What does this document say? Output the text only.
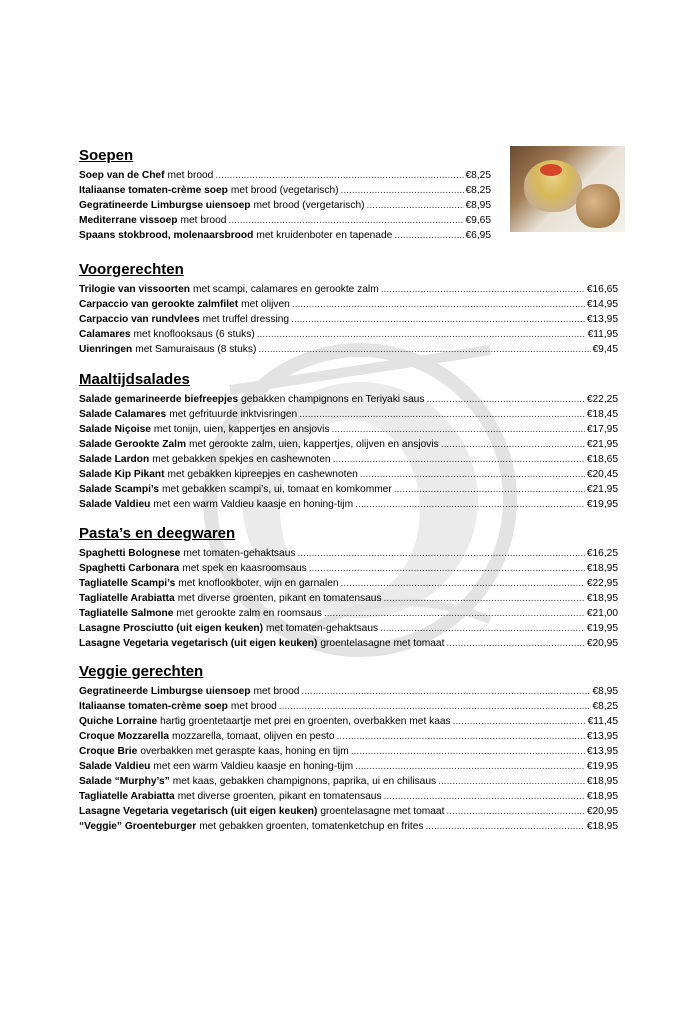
Soepen
Soep van de Chef met brood .....	€8,25
Italiaanse tomaten-crème soep met brood (vegetarisch) .....	€8,25
Gegratineerde Limburgse uiensoep met brood (vergetarisch) .....	€8,95
Mediterrane vissoep met brood .....	€9,65
Spaans stokbrood, molenaarsbrood met kruidenboter en tapenade .....	€6,95
Voorgerechten
Trilogie van vissoorten met scampi, calamares en gerookte zalm .....	€16,65
Carpaccio van gerookte zalmfilet met olijven .....	€14,95
Carpaccio van rundvlees met truffel dressing .....	€13,95
Calamares met knoflooksaus (6 stuks) .....	€11,95
Uienringen met Samuraisaus (8 stuks) .....	€9,45
Maaltijdsalades
Salade gemarineerde biefreepjes gebakken champignons en Teriyaki saus .....	€22,25
Salade Calamares met gefrituurde inktvisringen .....	€18,45
Salade Niçoise met tonijn, uien, kappertjes en ansjovis .....	€17,95
Salade Gerookte Zalm met gerookte zalm, uien, kappertjes, olijven en ansjovis .....	€21,95
Salade Lardon met gebakken spekjes en cashewnoten .....	€18,65
Salade Kip Pikant met gebakken kipreepjes en cashewnoten .....	€20,45
Salade Scampi’s met gebakken scampi’s, ui, tomaat en komkommer .....	€21,95
Salade Valdieu met een warm Valdieu kaasje en honing-tijm .....	€19,95
Pasta’s en deegwaren
Spaghetti Bolognese met tomaten-gehaktsaus .....	€16,25
Spaghetti Carbonara met spek en kaasroomsaus .....	€18,95
Tagliatelle Scampi’s met knoflookboter, wijn en garnalen .....	€22,95
Tagliatelle Arabiatta met diverse groenten, pikant en tomatensaus .....	€18,95
Tagliatelle Salmone met gerookte zalm en roomsaus .....	€21,00
Lasagne Prosciutto (uit eigen keuken) met tomaten-gehaktsaus .....	€19,95
Lasagne Vegetaria vegetarisch (uit eigen keuken) groentelasagne met tomaat .....	€20,95
Veggie gerechten
Gegratineerde Limburgse uiensoep met brood .....	€8,95
Italiaanse tomaten-crème soep met brood .....	€8,25
Quiche Lorraine hartig groentetaartje met prei en groenten, overbakken met kaas .....	€11,45
Croque Mozzarella mozzarella, tomaat, olijven en pesto .....	€13,95
Croque Brie overbakken met geraspte kaas, honing en tijm .....	€13,95
Salade Valdieu met een warm Valdieu kaasje en honing-tijm .....	€19,95
Salade “Murphy’s” met kaas, gebakken champignons, paprika, ui en chilisaus .....	€18,95
Tagliatelle Arabiatta met diverse groenten, pikant en tomatensaus .....	€18,95
Lasagne Vegetaria vegetarisch (uit eigen keuken) groentelasagne met tomaat .....	€20,95
“Veggie” Groenteburger met gebakken groenten, tomatenketchup en frites .....	€18,95
